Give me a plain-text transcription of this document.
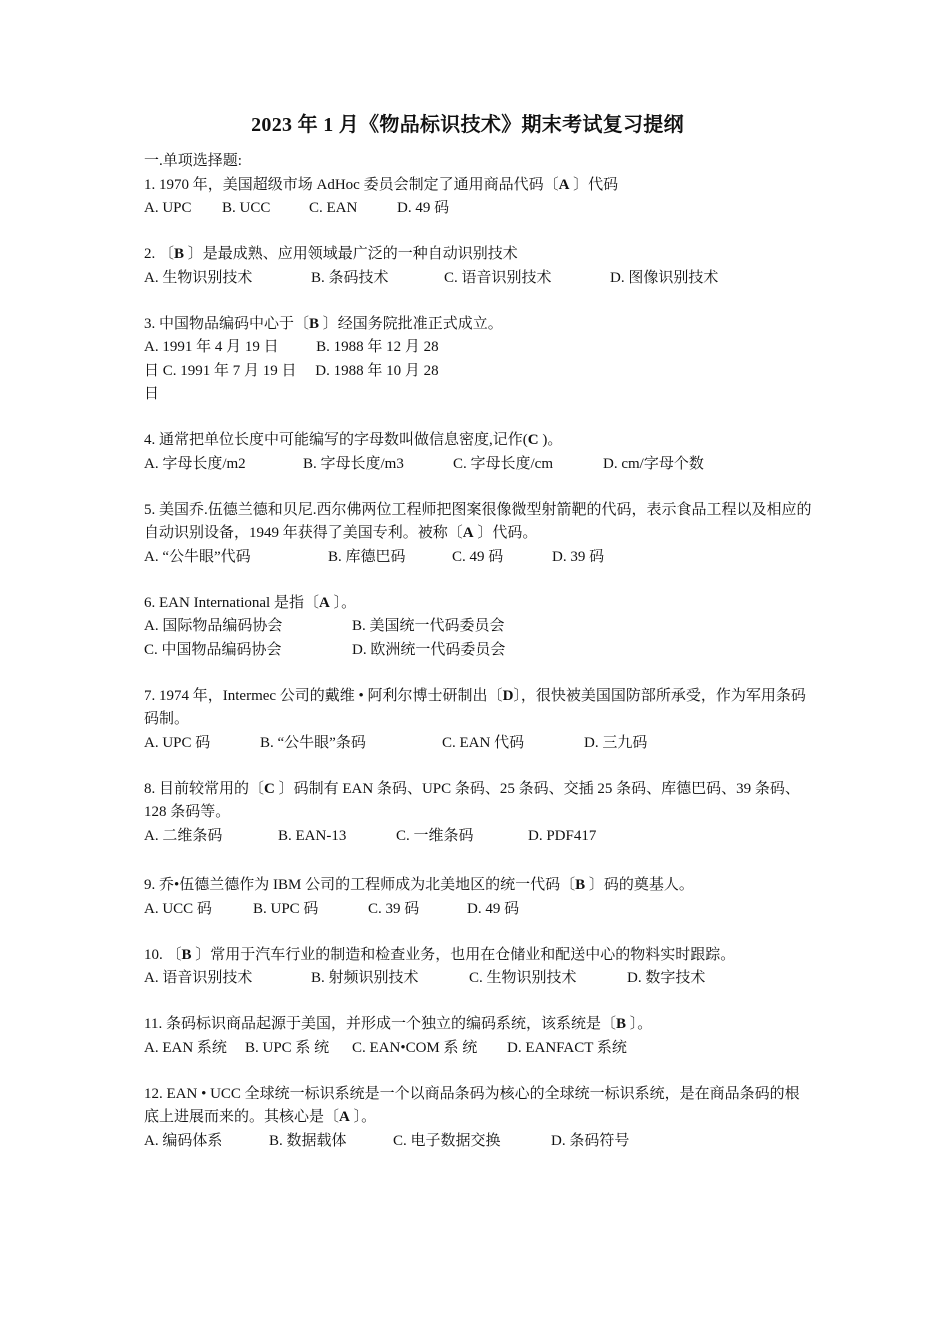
2023 年 1 月《物品标识技术》期末考试复习提纲

一.单项选择题:

1. 1970 年，美国超级市场 AdHoc 委员会制定了通用商品代码〔A 〕代码

A. UPC	B. UCC	C. EAN	D. 49 码

2. 〔B 〕是最成熟、应用领域最广泛的一种自动识别技术

A. 生物识别技术	B. 条码技术	C. 语音识别技术	D. 图像识别技术

3. 中国物品编码中心于〔B 〕经国务院批准正式成立。

A. 1991 年 4 月 19 日          B. 1988 年 12 月 28

日 C. 1991 年 7 月 19 日     D. 1988 年 10 月 28

日

4. 通常把单位长度中可能编写的字母数叫做信息密度,记作(C )。

A. 字母长度/m2	B. 字母长度/m3	C. 字母长度/cm	D. cm/字母个数

5. 美国乔.伍德兰德和贝尼.西尔佛两位工程师把图案很像微型射箭靶的代码，表示食品工程以及相应的自动识别设备，1949 年获得了美国专利。被称〔A 〕代码。

A. “公牛眼”代码	B. 库德巴码	C. 49 码	D. 39 码

6. EAN International 是指〔A 〕。

A. 国际物品编码协会	B. 美国统一代码委员会
C. 中国物品编码协会	D. 欧洲统一代码委员会

7. 1974 年，Intermec 公司的戴维 • 阿利尔博士研制出〔D〕，很快被美国国防部所承受，作为军用条码码制。

A. UPC 码	B. “公牛眼”条码	C. EAN 代码	D. 三九码

8. 目前较常用的〔C 〕码制有 EAN 条码、UPC 条码、25 条码、交插 25 条码、库德巴码、39 条码、128 条码等。

A. 二维条码	B. EAN-13	C. 一维条码	D. PDF417

9. 乔•伍德兰德作为 IBM 公司的工程师成为北美地区的统一代码〔B 〕码的奠基人。

A. UCC 码	B. UPC 码	C. 39 码	D. 49 码

10. 〔B 〕常用于汽车行业的制造和检查业务，也用在仓储业和配送中心的物料实时跟踪。

A. 语音识别技术	B. 射频识别技术	C. 生物识别技术	D. 数字技术

11. 条码标识商品起源于美国，并形成一个独立的编码系统，该系统是〔B 〕。

A. EAN 系统	B. UPC 系 统	C. EAN•COM 系 统	D. EANFACT 系统

12. EAN • UCC 全球统一标识系统是一个以商品条码为核心的全球统一标识系统，是在商品条码的根底上进展而来的。其核心是〔A 〕。

A. 编码体系	B. 数据载体	C. 电子数据交换	D. 条码符号
